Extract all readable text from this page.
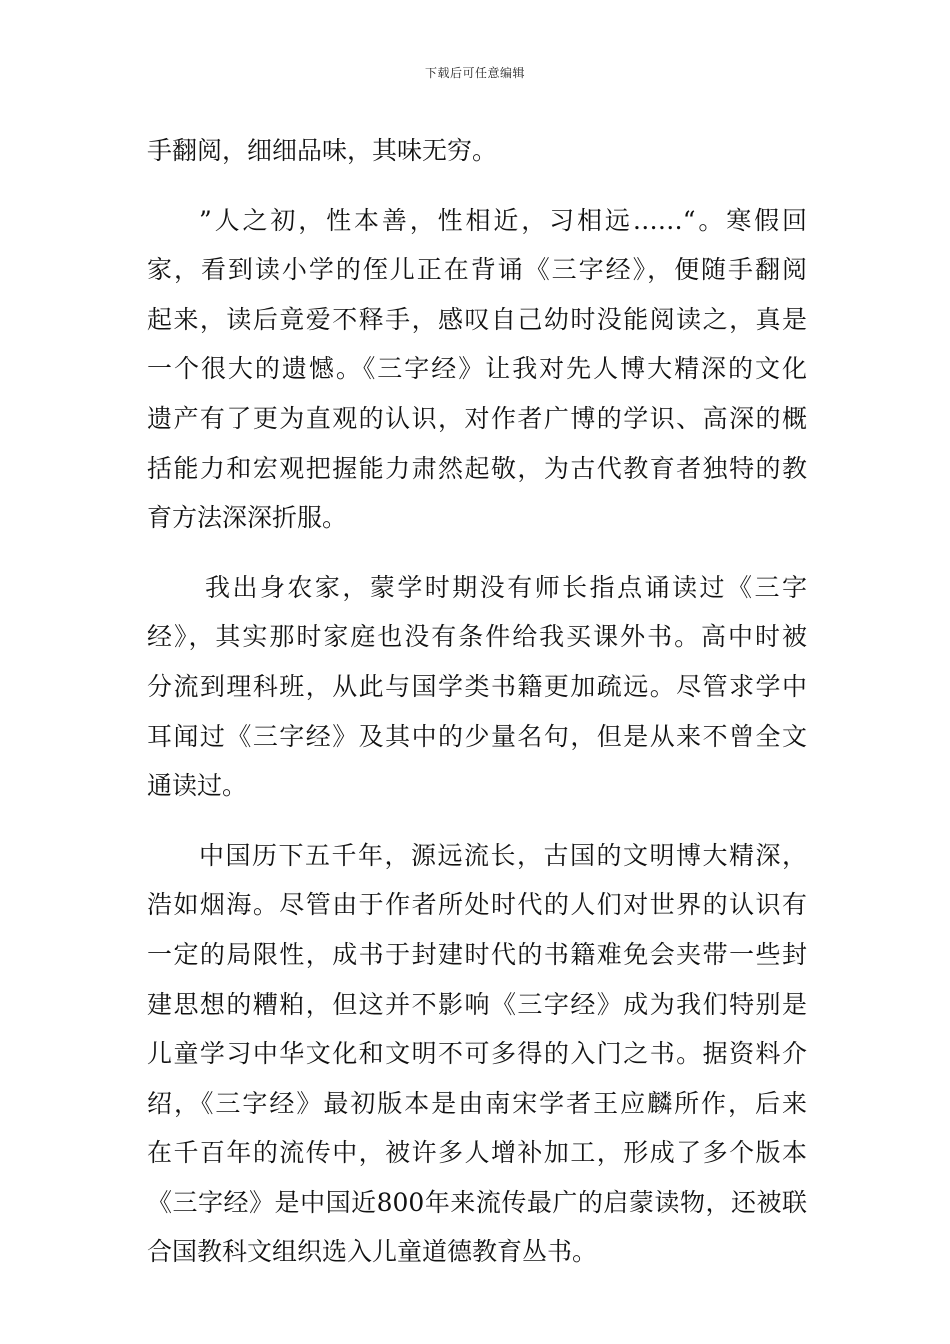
下载后可任意编辑
手翻阅，细细品味，其味无穷。
”人之初，性本善，性相近，习相远……“。寒假回
家，看到读小学的侄儿正在背诵《三字经》，便随手翻阅
起来，读后竟爱不释手，感叹自己幼时没能阅读之，真是
一个很大的遗憾。《三字经》让我对先人博大精深的文化
遗产有了更为直观的认识，对作者广博的学识、高深的概
括能力和宏观把握能力肃然起敬，为古代教育者独特的教
育方法深深折服。
我出身农家，蒙学时期没有师长指点诵读过《三字
经》，其实那时家庭也没有条件给我买课外书。高中时被
分流到理科班，从此与国学类书籍更加疏远。尽管求学中
耳闻过《三字经》及其中的少量名句，但是从来不曾全文
通读过。
中国历下五千年，源远流长，古国的文明博大精深，
浩如烟海。尽管由于作者所处时代的人们对世界的认识有
一定的局限性，成书于封建时代的书籍难免会夹带一些封
建思想的糟粕，但这并不影响《三字经》成为我们特别是
儿童学习中华文化和文明不可多得的入门之书。据资料介
绍，《三字经》最初版本是由南宋学者王应麟所作，后来
在千百年的流传中，被许多人增补加工，形成了多个版本
《三字经》是中国近800年来流传最广的启蒙读物，还被联
合国教科文组织选入儿童道德教育丛书。
